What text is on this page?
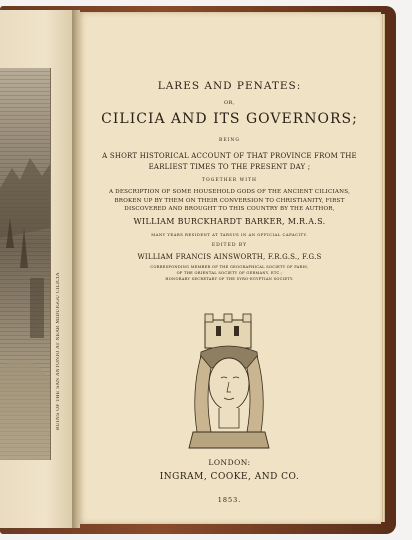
RUINS OF THE SAN ANTONIO AT NEAR MIDUIGGU CILICIA
LARES AND PENATES:
OR,
CILICIA AND ITS GOVERNORS;
BEING
A SHORT HISTORICAL ACCOUNT OF THAT PROVINCE FROM THE
EARLIEST TIMES TO THE PRESENT DAY ;
TOGETHER WITH
A DESCRIPTION OF SOME HOUSEHOLD GODS OF THE ANCIENT CILICIANS,
BROKEN UP BY THEM ON THEIR CONVERSION TO CHRISTIANITY, FIRST
DISCOVERED AND BROUGHT TO THIS COUNTRY BY THE AUTHOR,
WILLIAM BURCKHARDT BARKER, M.R.A.S.
MANY YEARS RESIDENT AT TARSUS IN AN OFFICIAL CAPACITY.
EDITED BY
WILLIAM FRANCIS AINSWORTH, F.R.G.S., F.G.S
CORRESPONDING MEMBER OF THE GEOGRAPHICAL SOCIETY OF PARIS;
OF THE ORIENTAL SOCIETY OF GERMANY, ETC.;
HONORARY SECRETARY OF THE SYRO-EGYPTIAN SOCIETY.
LONDON:
INGRAM, COOKE, AND CO.
1853.
